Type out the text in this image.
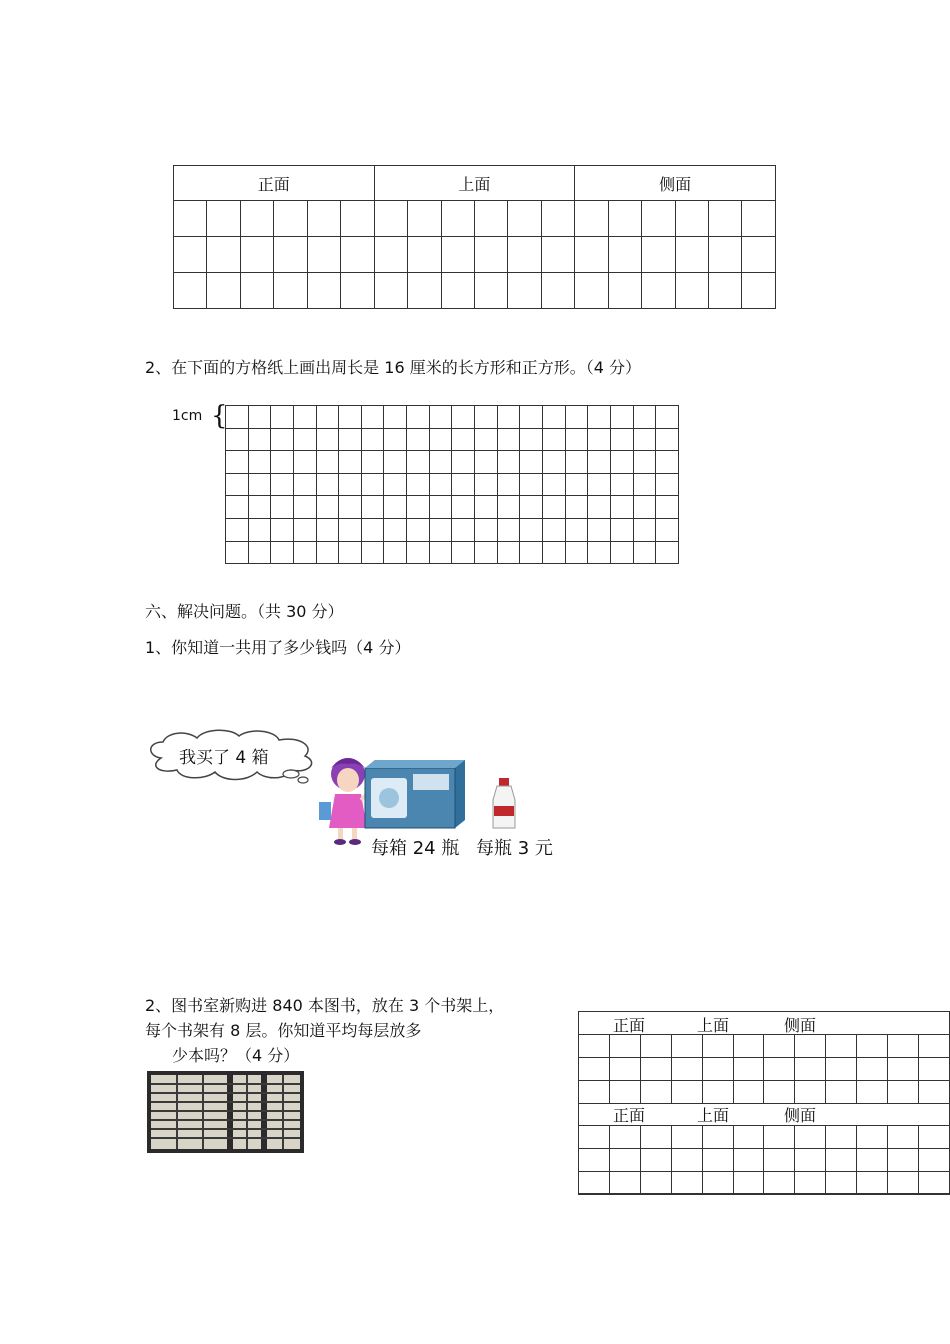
正面						上面						侧面					

2、在下面的方格纸上画出周长是 16 厘米的长方形和正方形。（4 分）
1cm {

六、解决问题。（共 30 分）
1、你知道一共用了多少钱吗（4 分）
我买了 4 箱
每箱 24 瓶 每瓶 3 元
2、图书室新购进 840 本图书，放在 3 个书架上，
每个书架有 8 层。你知道平均每层放多
少本吗？（4 分）
正面	上面	侧面

正面	上面	侧面
